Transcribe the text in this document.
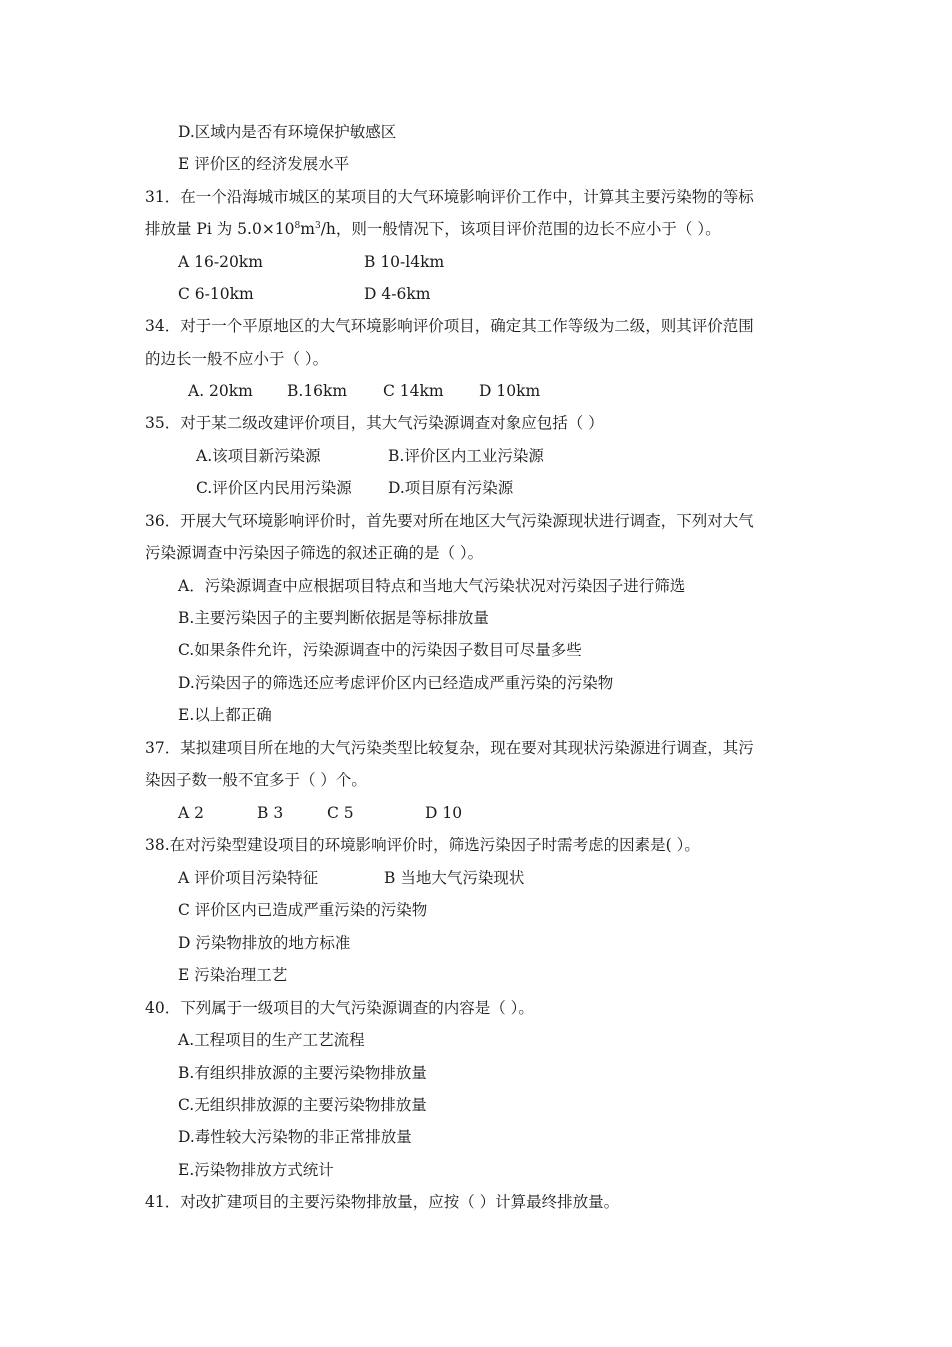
D.区域内是否有环境保护敏感区
E 评价区的经济发展水平
31．在一个沿海城市城区的某项目的大气环境影响评价工作中，计算其主要污染物的等标
排放量 Pi 为 $5.0\times 10^8m^3/h$，则一般情况下，该项目评价范围的边长不应小于（ ）。
A 16-20km	B 10-l4km
C 6-10km	D 4-6km
34．对于一个平原地区的大气环境影响评价项目，确定其工作等级为二级，则其评价范围
的边长一般不应小于（ ）。
A. 20km B.16km C 14km D 10km
35．对于某二级改建评价项目，其大气污染源调查对象应包括（ ）
A.该项目新污染源	B.评价区内工业污染源
C.评价区内民用污染源 D.项目原有污染源
36．开展大气环境影响评价时，首先要对所在地区大气污染源现状进行调查，下列对大气
污染源调查中污染因子筛选的叙述正确的是（ ）。
A．污染源调查中应根据项目特点和当地大气污染状况对污染因子进行筛选
B.主要污染因子的主要判断依据是等标排放量
C.如果条件允许，污染源调查中的污染因子数目可尽量多些
D.污染因子的筛选还应考虑评价区内已经造成严重污染的污染物
E.以上都正确
37．某拟建项目所在地的大气污染类型比较复杂，现在要对其现状污染源进行调查，其污
染因子数一般不宜多于（ ）个。
A 2	B 3	C 5	D 10
38.在对污染型建设项目的环境影响评价时，筛选污染因子时需考虑的因素是( ）。
A 评价项目污染特征	B 当地大气污染现状
C 评价区内已造成严重污染的污染物
D 污染物排放的地方标准
E 污染治理工艺
40．下列属于一级项目的大气污染源调查的内容是（ ）。
A.工程项目的生产工艺流程
B.有组织排放源的主要污染物排放量
C.无组织排放源的主要污染物排放量
D.毒性较大污染物的非正常排放量
E.污染物排放方式统计
41．对改扩建项目的主要污染物排放量，应按（ ）计算最终排放量。
